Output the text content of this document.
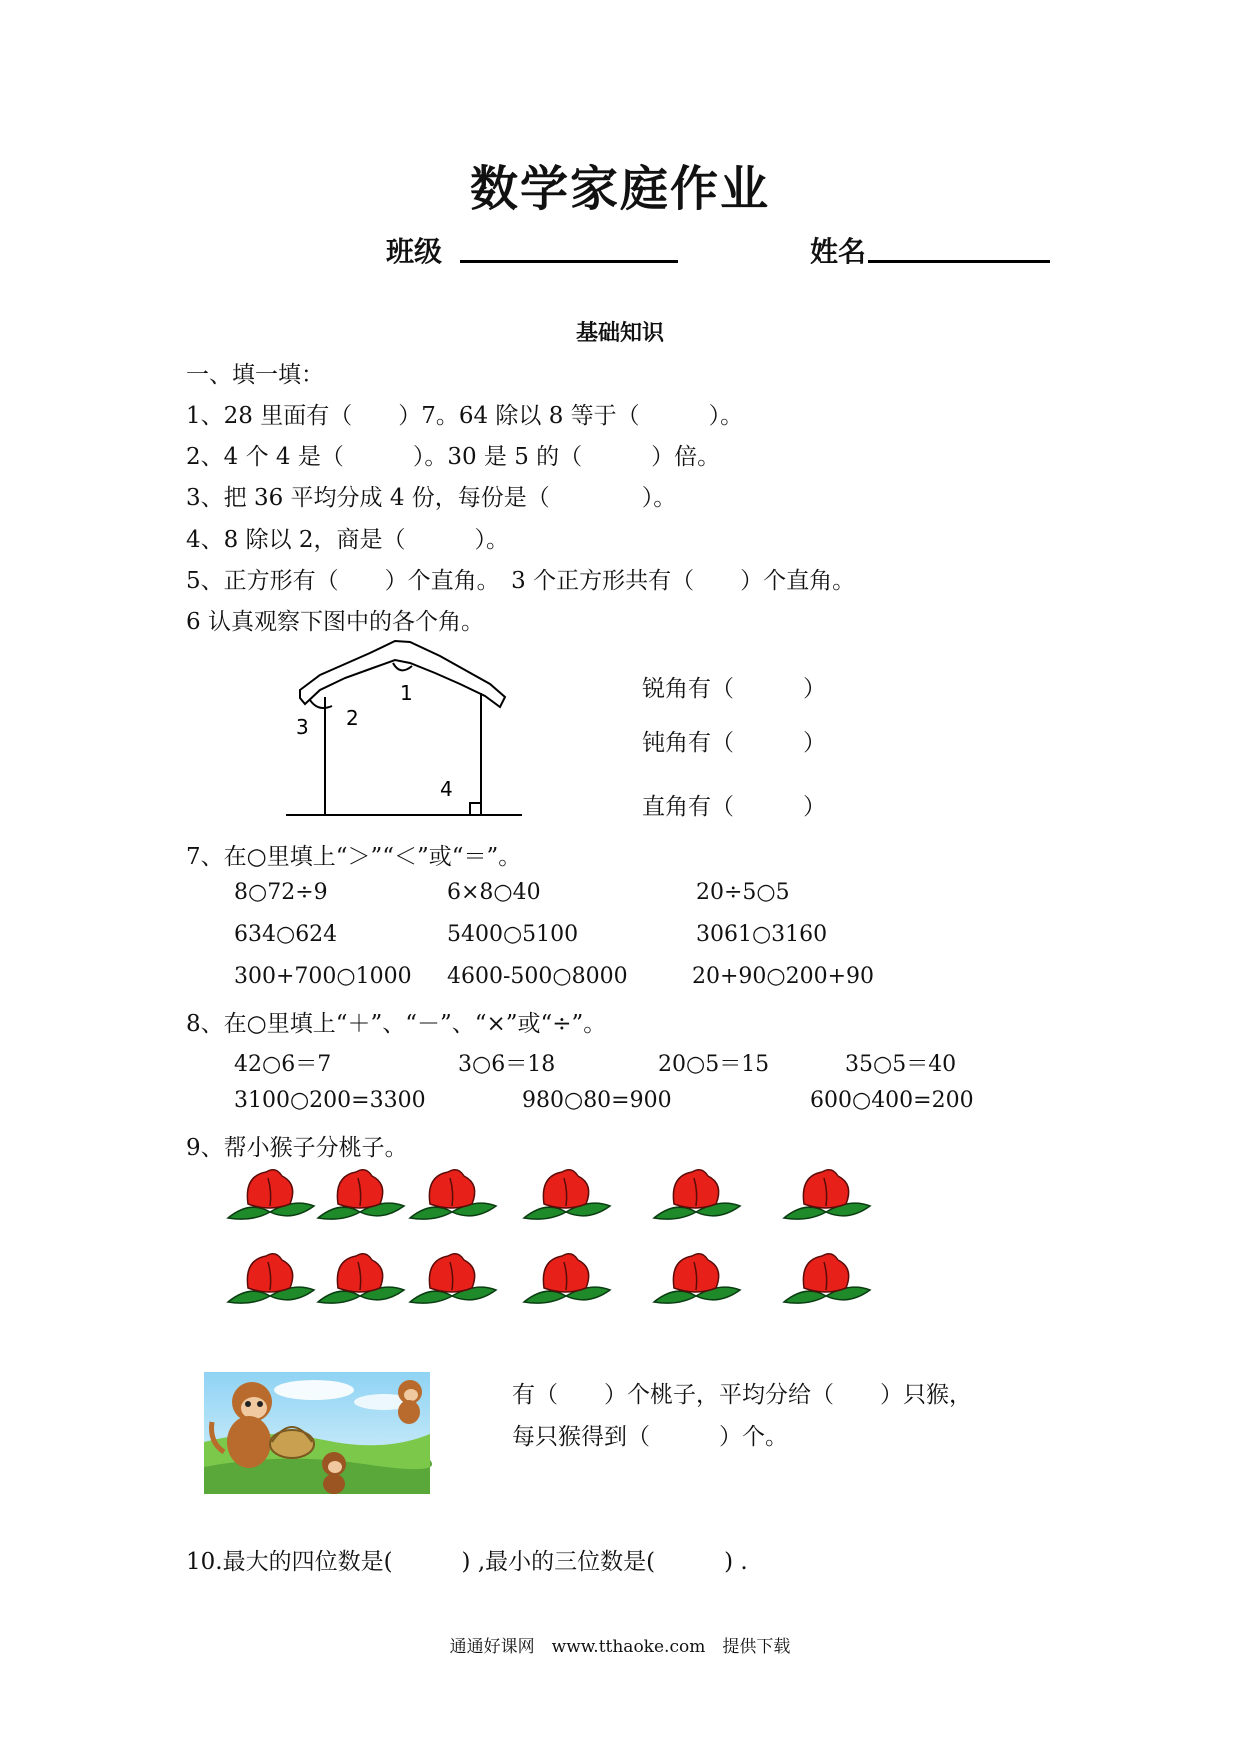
数学家庭作业
班级	姓名
基础知识
一、填一填：
1、28 里面有（　　）7。64 除以 8 等于（　　　）。
2、4 个 4 是（　　　）。30 是 5 的（　　　）倍。
3、把 36 平均分成 4 份，每份是（　　　　）。
4、8 除以 2，商是（　　　）。
5、正方形有（　　）个直角。　3 个正方形共有（　　）个直角。
6 认真观察下图中的各个角。
1
2
3
4
锐角有（　　　）
钝角有（　　　）
直角有（　　　）
7、在○里填上“＞”“＜”或“＝”。
8○72÷9	6×8○40	20÷5○5
634○624	5400○5100	3061○3160
300+700○1000 4600-500○8000	20+90○200+90
8、在○里填上“＋”、“－”、“×”或“÷”。
42○6＝7	3○6＝18	20○5＝15	35○5＝40
3100○200=3300	980○80=900	600○400=200
9、帮小猴子分桃子。
有（　　）个桃子，平均分给（　　）只猴，
每只猴得到（　　　）个。
10.最大的四位数是(　　　) ,最小的三位数是(　　　) .
通通好课网　www.tthaoke.com　提供下载
